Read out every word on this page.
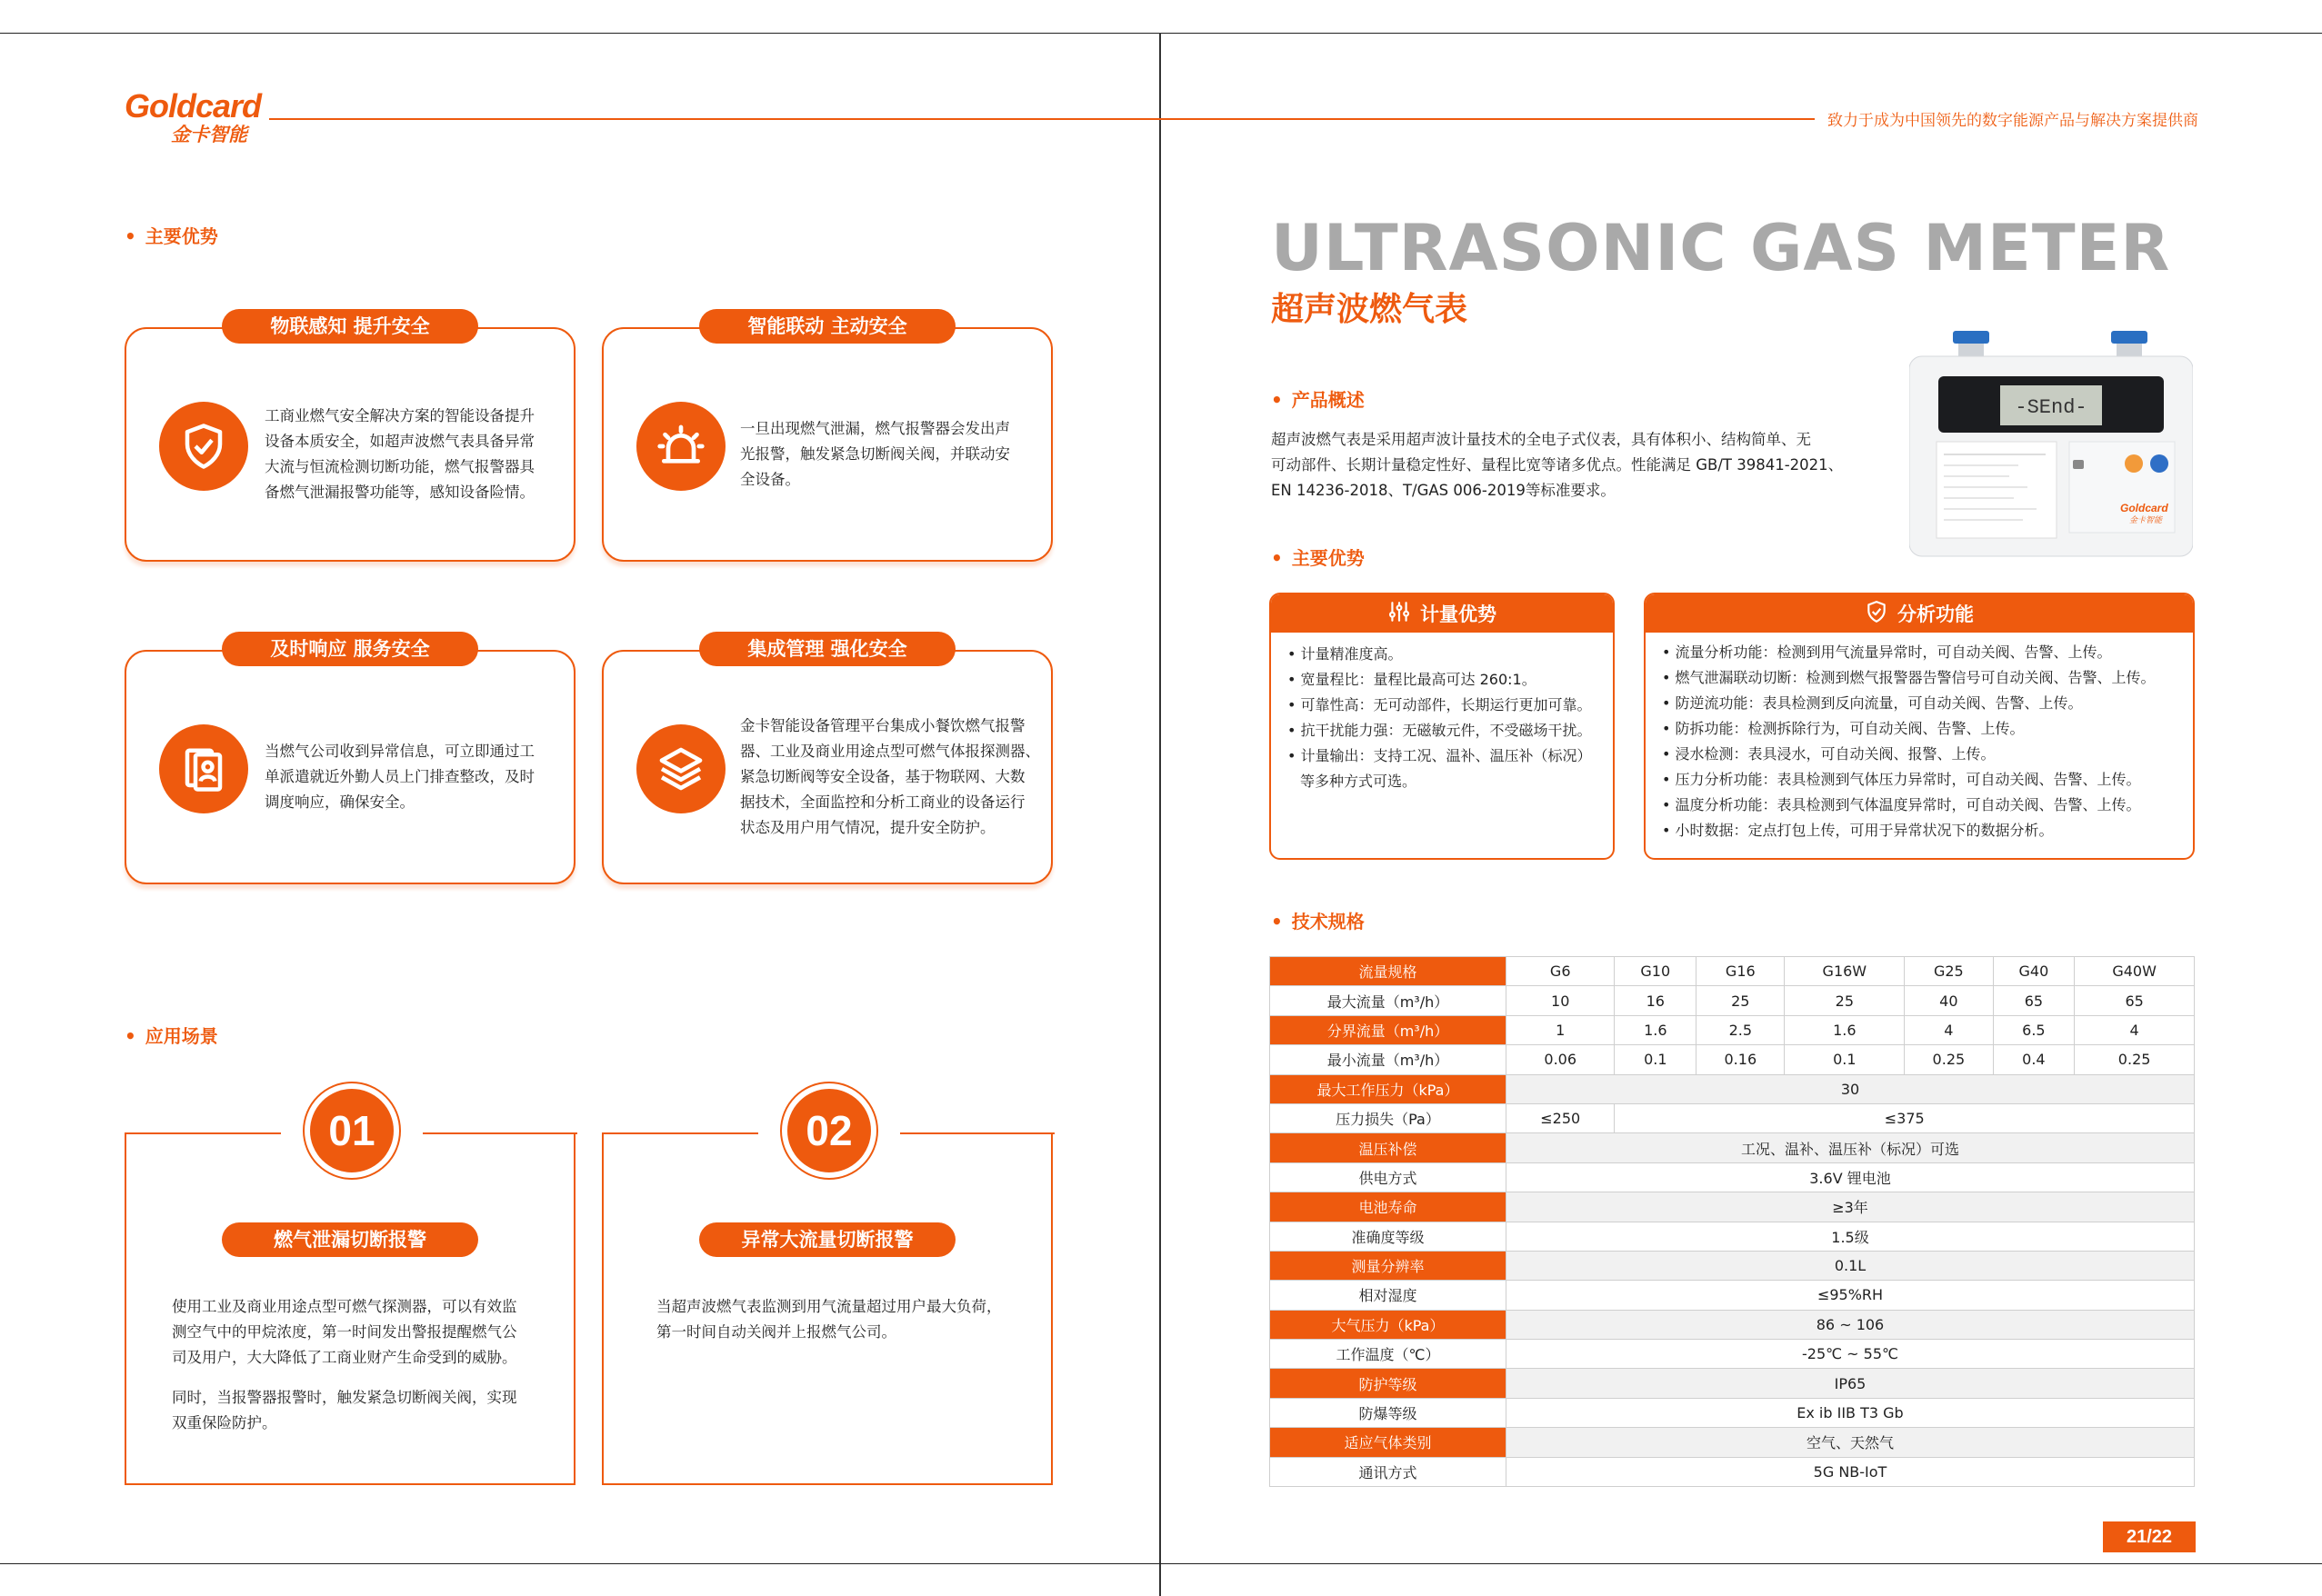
Goldcard
金卡智能
致力于成为中国领先的数字能源产品与解决方案提供商
• 主要优势
工商业燃气安全解决方案的智能设备提升
设备本质安全，如超声波燃气表具备异常
大流与恒流检测切断功能，燃气报警器具
备燃气泄漏报警功能等，感知设备险情。
物联感知 提升安全
一旦出现燃气泄漏，燃气报警器会发出声
光报警，触发紧急切断阀关阀，并联动安
全设备。
智能联动 主动安全
当燃气公司收到异常信息，可立即通过工
单派遣就近外勤人员上门排查整改，及时
调度响应，确保安全。
及时响应 服务安全
金卡智能设备管理平台集成小餐饮燃气报警
器、工业及商业用途点型可燃气体报探测器、
紧急切断阀等安全设备，基于物联网、大数
据技术，全面监控和分析工商业的设备运行
状态及用户用气情况，提升安全防护。
集成管理 强化安全
• 应用场景
使用工业及商业用途点型可燃气探测器，可以有效监
测空气中的甲烷浓度，第一时间发出警报提醒燃气公
司及用户，大大降低了工商业财产生命受到的威胁。
同时，当报警器报警时，触发紧急切断阀关阀，实现
双重保险防护。
01
燃气泄漏切断报警
当超声波燃气表监测到用气流量超过用户最大负荷，
第一时间自动关阀并上报燃气公司。
02
异常大流量切断报警
ULTRASONIC GAS METER
超声波燃气表
• 产品概述
超声波燃气表是采用超声波计量技术的全电子式仪表，具有体积小、结构简单、无
可动部件、长期计量稳定性好、量程比宽等诸多优点。性能满足 GB/T 39841-2021、
EN 14236-2018、T/GAS 006-2019等标准要求。
-SEnd-
Goldcard
金卡智能
• 主要优势
计量优势
• 计量精准度高。
• 宽量程比：量程比最高可达 260:1。
• 可靠性高：无可动部件，长期运行更加可靠。
• 抗干扰能力强：无磁敏元件，不受磁场干扰。
• 计量输出：支持工况、温补、温压补（标况）等多种方式可选。
分析功能
• 流量分析功能：检测到用气流量异常时，可自动关阀、告警、上传。
• 燃气泄漏联动切断：检测到燃气报警器告警信号可自动关阀、告警、上传。
• 防逆流功能：表具检测到反向流量，可自动关阀、告警、上传。
• 防拆功能：检测拆除行为，可自动关阀、告警、上传。
• 浸水检测：表具浸水，可自动关阀、报警、上传。
• 压力分析功能：表具检测到气体压力异常时，可自动关阀、告警、上传。
• 温度分析功能：表具检测到气体温度异常时，可自动关阀、告警、上传。
• 小时数据：定点打包上传，可用于异常状况下的数据分析。
• 技术规格
流量规格	G6	G10	G16	G16W	G25	G40	G40W
最大流量（m³/h）	10	16	25	25	40	65	65
分界流量（m³/h）	1	1.6	2.5	1.6	4	6.5	4
最小流量（m³/h）	0.06	0.1	0.16	0.1	0.25	0.4	0.25
最大工作压力（kPa）	30						
压力损失（Pa）	≤250	≤375					
温压补偿	工况、温补、温压补（标况）可选						
供电方式	3.6V 锂电池						
电池寿命	≥3年						
准确度等级	1.5级						
测量分辨率	0.1L						
相对湿度	≤95%RH						
大气压力（kPa）	86 ~ 106						
工作温度（℃）	-25℃ ~ 55℃						
防护等级	IP65						
防爆等级	Ex ib IIB T3 Gb						
适应气体类别	空气、天然气						
通讯方式	5G NB-IoT						
21/22
